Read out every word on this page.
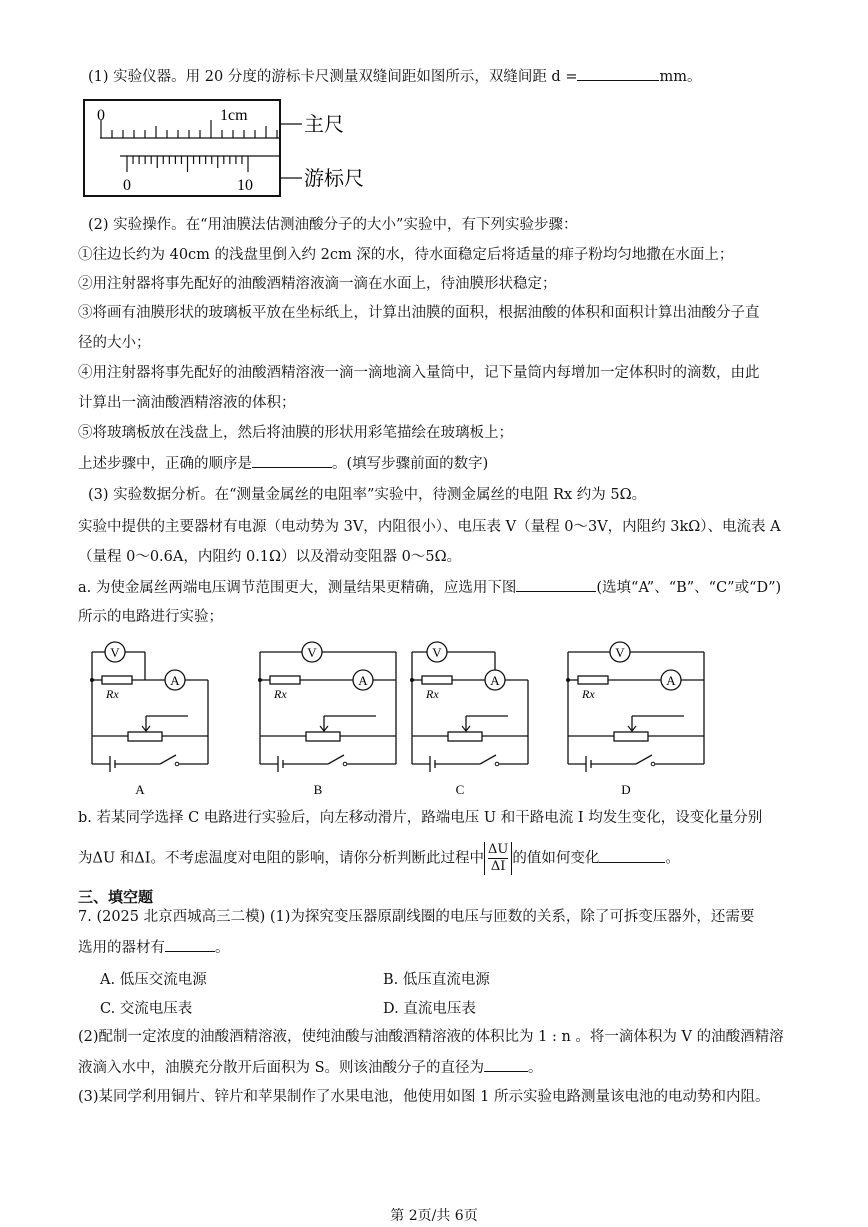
(1) 实验仪器。用 20 分度的游标卡尺测量双缝间距如图所示，双缝间距 d =	mm。
0	1cm
0	10
主尺
游标尺
(2) 实验操作。在“用油膜法估测油酸分子的大小”实验中，有下列实验步骤：
①往边长约为 40cm 的浅盘里倒入约 2cm 深的水，待水面稳定后将适量的痱子粉均匀地撒在水面上；
②用注射器将事先配好的油酸酒精溶液滴一滴在水面上，待油膜形状稳定；
③将画有油膜形状的玻璃板平放在坐标纸上，计算出油膜的面积，根据油酸的体积和面积计算出油酸分子直
径的大小；
④用注射器将事先配好的油酸酒精溶液一滴一滴地滴入量筒中，记下量筒内每增加一定体积时的滴数，由此
计算出一滴油酸酒精溶液的体积；
⑤将玻璃板放在浅盘上，然后将油膜的形状用彩笔描绘在玻璃板上；
上述步骤中，正确的顺序是	。(填写步骤前面的数字)
(3) 实验数据分析。在“测量金属丝的电阻率”实验中，待测金属丝的电阻 Rx 约为 5Ω。
实验中提供的主要器材有电源（电动势为 3V，内阻很小）、电压表 V（量程 0～3V，内阻约 3kΩ）、电流表 A
（量程 0～0.6A，内阻约 0.1Ω）以及滑动变阻器 0～5Ω。
a. 为使金属丝两端电压调节范围更大，测量结果更精确，应选用下图	(选填“A”、“B”、“C”或“D”)
所示的电路进行实验；
V
A
Rx
A
V
A
Rx
B
V
A
Rx
C
V
A
Rx
D
b. 若某同学选择 C 电路进行实验后，向左移动滑片，路端电压 U 和干路电流 I 均发生变化，设变化量分别
为ΔU 和ΔI。不考虑温度对电阻的影响，请你分析判断此过程中 $\frac{\Delta U}{\Delta I}$ 的值如何变化	。
三、填空题
7. (2025 北京西城高三二模) (1)为探究变压器原副线圈的电压与匝数的关系，除了可拆变压器外，还需要
选用的器材有	。
A. 低压交流电源	B. 低压直流电源
C. 交流电压表	D. 直流电压表
(2)配制一定浓度的油酸酒精溶液，使纯油酸与油酸酒精溶液的体积比为 1 : n 。将一滴体积为 V 的油酸酒精溶
液滴入水中，油膜充分散开后面积为 S。则该油酸分子的直径为	。
(3)某同学利用铜片、锌片和苹果制作了水果电池，他使用如图 1 所示实验电路测量该电池的电动势和内阻。
第 2页/共 6页
